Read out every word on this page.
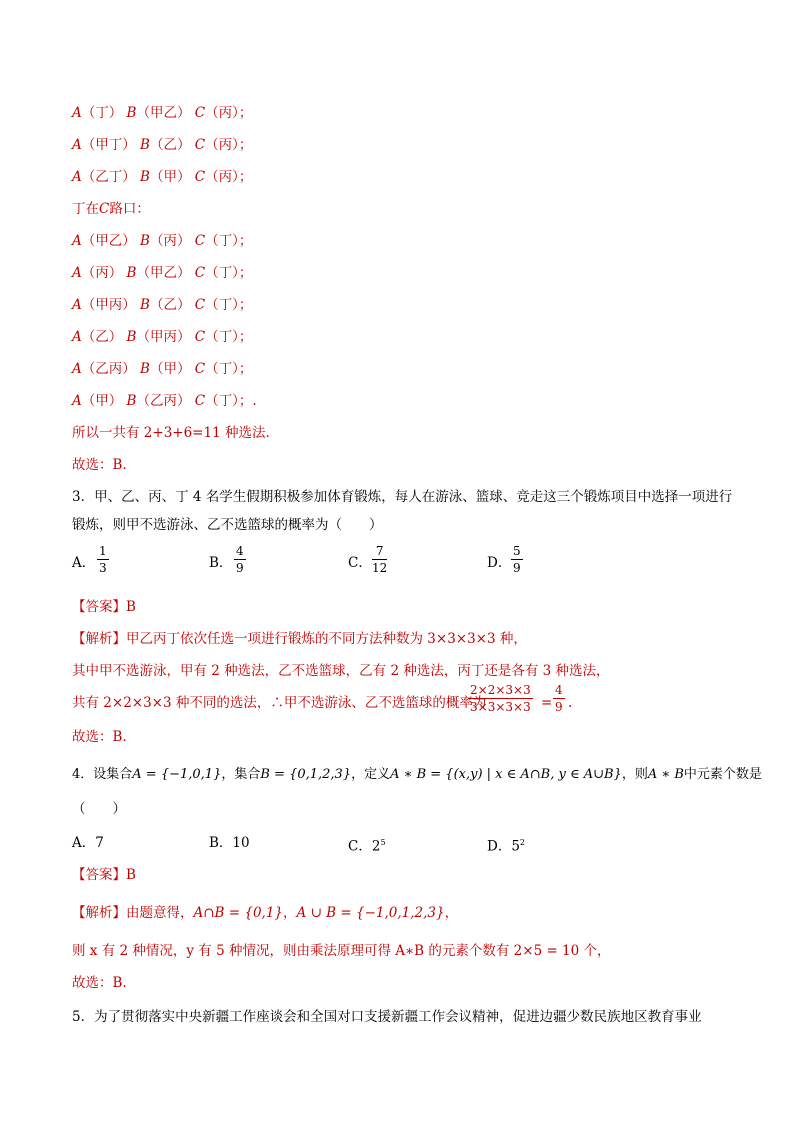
A（丁） B（甲乙） C（丙）；
A（甲丁） B（乙） C（丙）；
A（乙丁） B（甲） C（丙）；
丁在C路口：
A（甲乙） B（丙） C（丁）；
A（丙） B（甲乙） C（丁）；
A（甲丙） B（乙） C（丁）；
A（乙） B（甲丙） C（丁）；
A（乙丙） B（甲） C（丁）；
A（甲） B（乙丙） C（丁）；.
所以一共有 2+3+6=11 种选法.
故选：B.
3．甲、乙、丙、丁 4 名学生假期积极参加体育锻炼，每人在游泳、篮球、竞走这三个锻炼项目中选择一项进行
锻炼，则甲不选游泳、乙不选篮球的概率为（　　）
A．
1
3	B．
4
9	C．
7
12	D．
5
9
【答案】B
【解析】甲乙丙丁依次任选一项进行锻炼的不同方法种数为 3×3×3×3 种，
其中甲不选游泳，甲有 2 种选法，乙不选篮球，乙有 2 种选法，丙丁还是各有 3 种选法，
共有 2×2×3×3 种不同的选法，∴甲不选游泳、乙不选篮球的概率为
2×2×3×3
3×3×3×3 =
4
9 .
故选：B.
4．设集合A = {−1,0,1}，集合B = {0,1,2,3}，定义A ∗ B = {(x,y) | x ∈ A∩B, y ∈ A∪B}，则A ∗ B中元素个数是
（　　）
A．7	B．10	C．$2^5$	D．$5^2$
【答案】B
【解析】由题意得，A∩B = {0,1}，A ∪ B = {−1,0,1,2,3}，
则 x 有 2 种情况，y 有 5 种情况，则由乘法原理可得 A∗B 的元素个数有 2×5 = 10 个，
故选：B.
5．为了贯彻落实中央新疆工作座谈会和全国对口支援新疆工作会议精神，促进边疆少数民族地区教育事业
